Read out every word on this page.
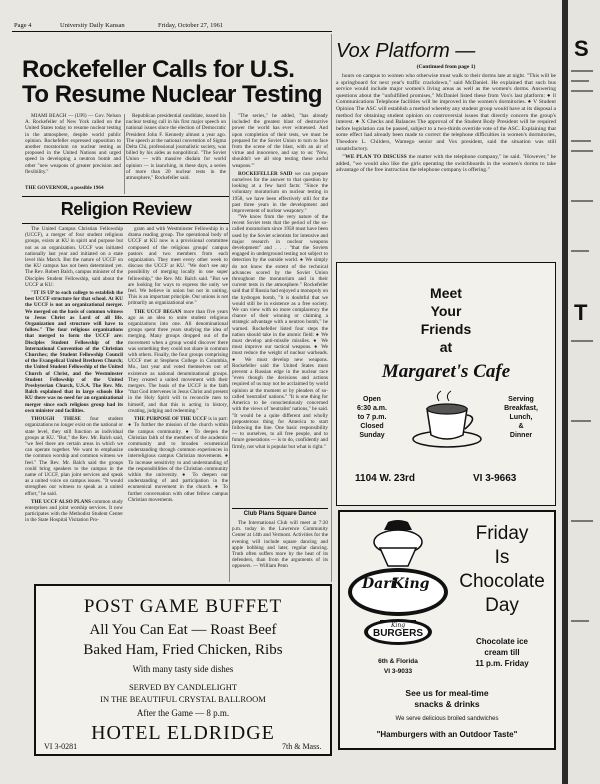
Page 4	University Daily Kansan	Friday, October 27, 1961
Rockefeller Calls for U.S.
To Resume Nuclear Testing

MIAMI BEACH — (UPI) — Gov. Nelson A. Rockefeller of New York called on the United States today to resume nuclear testing in the atmosphere, despite world public opinion. Rockefeller expressed opposition to another moratorium on nuclear testing as proposed in the United Nations and urged speed in developing a neutron bomb and other "new weapons of greater precision and flexibility."

THE GOVERNOR, a possible 1964

Republican presidential candidate, issued his nuclear testing call in his first major speech on national issues since the election of Democratic President John F. Kennedy almost a year ago. The speech at the national convention of Sigma Delta Chi, professional journalistic society, was billed by his aides as nonpolitical. "The Soviet Union — with massive disdain for world opinion — is launching, in these days, a series of more than 20 nuclear tests in the atmosphere," Rockefeller said.

Religion Review

The United Campus Christian Fellowship (UCCF), a merger of four student religious groups, exists at KU in spirit and purpose but not as an organization. UCCF was initiated nationally last year and initiated on a state level this March. But the nature of UCCF on the KU campus has not been determined yet. The Rev. Robert Balch, campus minister of the Disciples Student Fellowship, said about the UCCF at KU:

"IT IS UP to each college to establish the best UCCF structure for that school. At KU the UCCF is not an organizational merger. We merged on the basis of common witness to Jesus Christ as Lord of all life. Organization and structure will have to follow." The four religious organizations that merged to form the UCCF are: Disciples Student Fellowship of the International Convention of the Christian Churches; the Student Fellowship Council of the Evangelical United Brethren Church; the United Student Fellowship of the United Church of Christ, and the Westminster Student Fellowship of the United Presbyterian Church, U.S.A. The Rev. Mr. Balch explained that in large schools like KU there was no need for an organizational merger since each religious group had its own minister and facilities.

THOUGH THESE four student organizations no longer exist on the national or state level, they still function as individual groups at KU. "But," the Rev. Mr. Balch said, "we feel there are certain areas in which we can operate together. We want to emphasize the common worship and common witness we feel." The Rev. Mr. Balch said the groups could bring speakers to the campus in the name of UCCF, plan joint services and speak as a united voice on campus issues. "It would strengthen our witness to speak as a united effort," he said.

THE UCCF ALSO PLANS common study enterprises and joint worship services. It now participates with the Methodist Student Center in the State Hospital Visitation Pro-

gram and with Westminster Fellowship in a drama reading group. The operational body of UCCF at KU now is a provisional committee composed of the religious groups' campus pastors and two members from each organization. They meet every other week to discuss the UCCF at KU. "We don't see any possibility of merging locally in one super fellowship," the Rev. Mr. Balch said. "But we are looking for ways to express the unity we feel. We believe in union but not in uniting. This is an important principle. Our unions is not primarily an organizational one."

THE UCCF BEGAN more than five years ago as an idea to unite student religious organizations into one. All denominational groups spent three years studying the idea of merging. Many groups dropped out of the movement when a group would discover there was something they could not share in common with others. Finally, the four groups comprising UCCF met at Stephens College in Columbia, Mo., last year and voted themselves out of existence as national denominational groups. They created a united movement with their mergers. The basis of the UCCF is the faith "that God intervenes in Jesus Christ and present in the Holy Spirit will to reconcile men to himself, and that this is acting in history, creating, judging and redeeming."

THE PURPOSE OF THE UCCF is in part: ● To further the mission of the church within the campus community. ● To deepen the Christian faith of the members of the academic community and to broaden ecumenical understanding through common experiences in interreligious campus Christian movements. ● To increase sensitivity to and understanding of the responsibilities of the Christian community within the university. ● To deepen our understanding of and participation in the ecumenical movement in the church. ● To further conversation with other fellow campus Christian movements.

"The series," he added, "has already included the greatest blast of destructive power the world has ever witnessed. And upon completion of their tests, we must be prepared for the Soviet Union to turn to face from the scene of the blast, with an air of virtue and innocence, and say to us: 'Now, shouldn't we all stop testing these awful weapons.'"

ROCKEFELLER SAID we can prepare ourselves for the answer to that question by looking at a few hard facts: "Since the voluntary moratorium on nuclear testing in 1958, we have been effectively still for the past three years in the development and improvement of nuclear weaponry."

"We know from the very nature of the recent Soviet tests that the period of the so-called moratorium since 1958 must have been used by the Soviet scientists for intensive and major research in nuclear weapons development" and . . . "that the Soviets engaged in underground testing not subject to detection by the outside world. ● We simply do not know the extent of the technical advances scored by the Soviet Union throughout the moratorium and in their current tests in the atmosphere." Rockefeller said that if Russia had enjoyed a monopoly on the hydrogen bomb, "it is doubtful that we would still be in existence as a free society. We can view with no more complacency the chance of their winning or claiming a strategic advantage with a neutron bomb," he warned. Rockefeller listed four steps the nation should take in the atomic field: ● We must develop anti-missile missiles. ● We must improve our tactical weapons. ● We must reduce the weight of nuclear warheads. ● We must develop new weapons. Rockefeller said the United States must prevent a Russian edge in the nuclear race "even though the decisions and actions required of us may not be acclaimed by world opinion at the moment or by pleaders of so-called 'neutralist' nations." "It is one thing for America to be conscientiously concerned with the views of 'neutralist' nations," he said. "It would be a quite different and wholly preposterous thing for America to start following the line. One basic responsibility — to ourselves, to all free people, and to future generations — is to do, confidently and firmly, not what is popular but what is right."

Club Plans Square Dance

The International Club will meet at 7:30 p.m. today in the Lawrence Community Center at 14th and Vermont. Activities for the evening will include square dancing and apple bobbing and later, regular dancing. Truth often suffers more by the heat of its defenders, than from the arguments of its opposers. — William Penn

Vox Platform —
(Continued from page 1)

hours on campus to women who otherwise must walk to their dorms late at night. "This will be a springboard for next year's traffic crackdown," said McDaniel. He explained that such bus service would include major women's living areas as well as the women's dorms. Answering questions about the "unfulfilled promises," McDaniel listed these from Vox's last platform: ● ll Communications Telephone facilities will be improved in the women's dormitories. ● V Student Opinion The ASC will establish a method whereby any student group would have at its disposal a method for obtaining student opinion on controversial issues that directly concern the group's interest. ● X Checks and Balances The approval of the Student Body President will be required before legislation can be passed, subject to a two-thirds override vote of the ASC. Explaining that some effect had already been made to correct the telephone difficulties in women's dormitories, Theodore L. Childers, Wamego senior and Vox president, said the situation was still unsatisfactory.

"WE PLAN TO DISCUSS the matter with the telephone company," he said. "However," he added, "we would also like the girls operating the switchboards in the women's dorms to take advantage of the free instruction the telephone company is offering."

Meet
Your
Friends
at
Margaret's Cafe
Open
6:30 a.m.
to 7 p.m.
Closed
Sunday
Serving
Breakfast,
Lunch,
&
Dinner
1104 W. 23rd	VI 3-9663
POST GAME BUFFET
All You Can Eat — Roast Beef
Baked Ham, Fried Chicken, Ribs
With many tasty side dishes
SERVED BY CANDLELIGHT
IN THE BEAUTIFUL CRYSTAL BALLROOM
After the Game — 8 p.m.
HOTEL ELDRIDGE
VI 3-0281	7th & Mass.
Dari
King
King
BURGERS
6th & Florida
VI 3-9033
Friday
Is
Chocolate
Day
Chocolate ice
cream till
11 p.m. Friday
See us for meal-time
snacks & drinks
We serve delicious broiled sandwiches
"Hamburgers with an Outdoor Taste"
S
T
